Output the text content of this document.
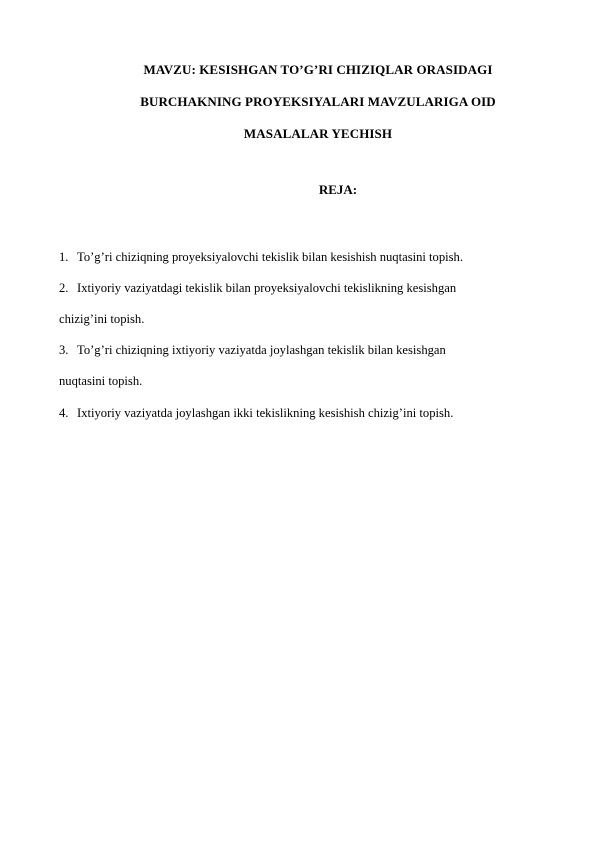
MAVZU: KESISHGAN TO’G’RI CHIZIQLAR ORASIDAGI
BURCHAKNING PROYEKSIYALARI MAVZULARIGA OID
MASALALAR YECHISH
REJA:
1. To’g’ri chiziqning proyeksiyalovchi tekislik bilan kesishish nuqtasini topish.
2. Ixtiyoriy vaziyatdagi tekislik bilan proyeksiyalovchi tekislikning kesishgan
chizig’ini topish.
3. To’g’ri chiziqning ixtiyoriy vaziyatda joylashgan tekislik bilan kesishgan
nuqtasini topish.
4. Ixtiyoriy vaziyatda joylashgan ikki tekislikning kesishish chizig’ini topish.
